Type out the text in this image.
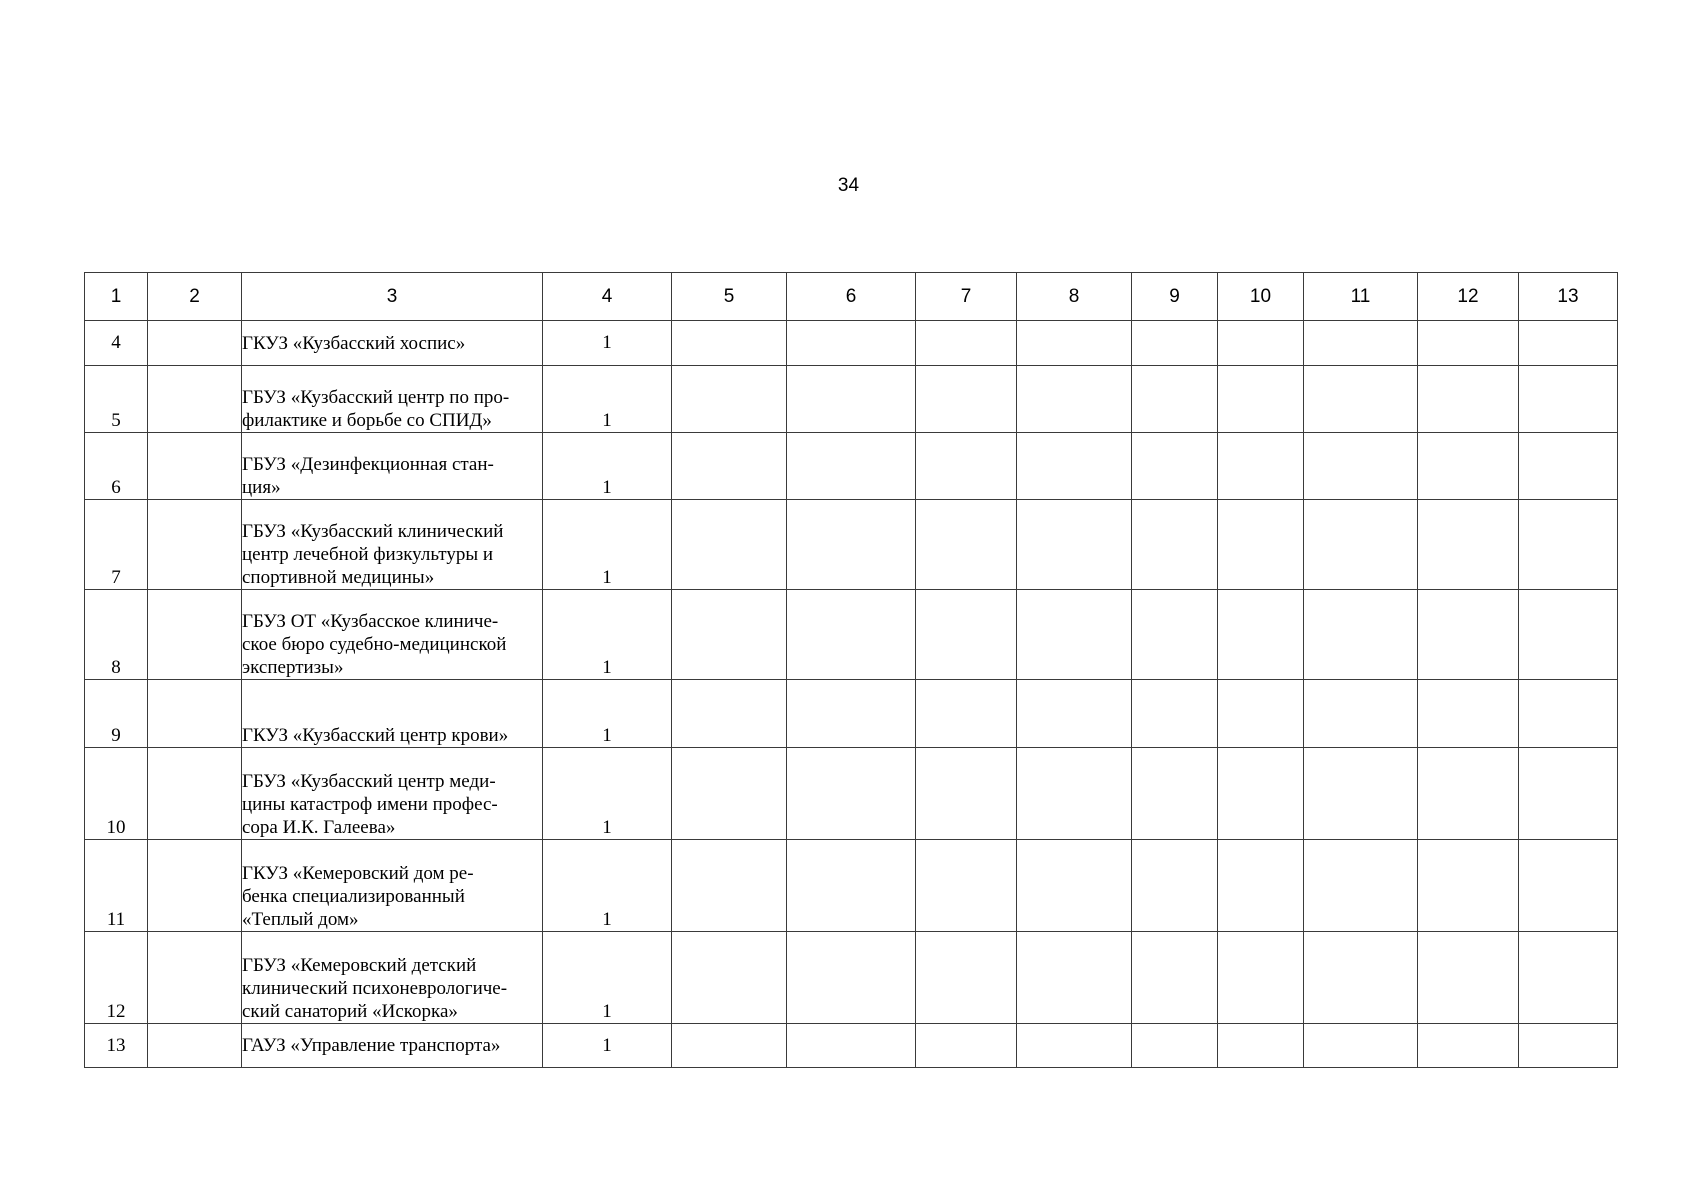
34
1	2	3	4	5	6	7	8	9	10	11	12	13
4		ГКУЗ «Кузбасский хоспис»	1									
5		ГБУЗ «Кузбасский центр по про-
филактике и борьбе со СПИД»	1									
6		ГБУЗ «Дезинфекционная стан-
ция»	1									
7		ГБУЗ «Кузбасский клинический
центр лечебной физкультуры и
спортивной медицины»	1									
8		ГБУЗ ОТ «Кузбасское клиниче-
ское бюро судебно-медицинской
экспертизы»	1									
9		ГКУЗ «Кузбасский центр крови»	1									
10		ГБУЗ «Кузбасский центр меди-
цины катастроф имени профес-
сора И.К. Галеева»	1									
11		ГКУЗ «Кемеровский дом ре-
бенка специализированный
«Теплый дом»	1									
12		ГБУЗ «Кемеровский детский
клинический психоневрологиче-
ский санаторий «Искорка»	1									
13		ГАУЗ «Управление транспорта»	1									
